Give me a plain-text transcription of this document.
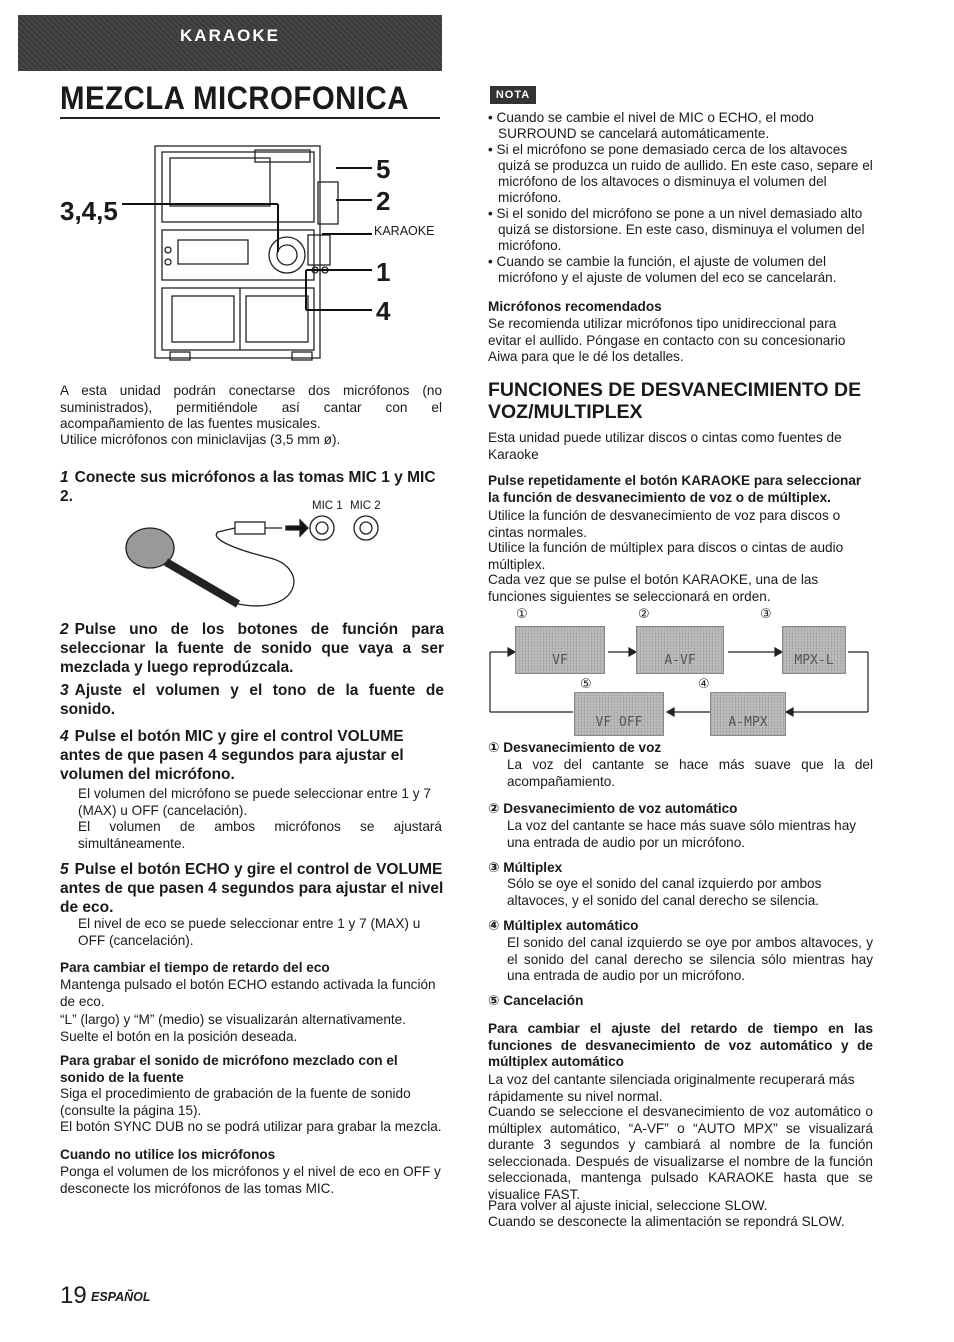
KARAOKE
MEZCLA MICROFONICA
3,4,5
5
2
KARAOKE
1
4
A esta unidad podrán conectarse dos micrófonos (no suministrados), permitiéndole así cantar con el acompañamiento de las fuentes musicales.
Utilice micrófonos con miniclavijas (3,5 mm ø).
1 Conecte sus micrófonos a las tomas MIC 1 y MIC 2.
MIC 1 MIC 2
2 Pulse uno de los botones de función para seleccionar la fuente de sonido que vaya a ser mezclada y luego reprodúzcala.
3 Ajuste el volumen y el tono de la fuente de sonido.
4 Pulse el botón MIC y gire el control VOLUME antes de que pasen 4 segundos para ajustar el volumen del micrófono.
El volumen del micrófono se puede seleccionar entre 1 y 7 (MAX) u OFF (cancelación).
El volumen de ambos micrófonos se ajustará simultáneamente.
5 Pulse el botón ECHO y gire el control de VOLUME antes de que pasen 4 segundos para ajustar el nivel de eco.
El nivel de eco se puede seleccionar entre 1 y 7 (MAX) u OFF (cancelación).
Para cambiar el tiempo de retardo del eco
Mantenga pulsado el botón ECHO estando activada la función de eco.
“L” (largo) y “M” (medio) se visualizarán alternativamente. Suelte el botón en la posición deseada.
Para grabar el sonido de micrófono mezclado con el sonido de la fuente
Siga el procedimiento de grabación de la fuente de sonido (consulte la página 15).
El botón SYNC DUB no se podrá utilizar para grabar la mezcla.
Cuando no utilice los micrófonos
Ponga el volumen de los micrófonos y el nivel de eco en OFF y desconecte los micrófonos de las tomas MIC.
NOTA
• Cuando se cambie el nivel de MIC o ECHO, el modo SURROUND se cancelará automáticamente.
• Si el micrófono se pone demasiado cerca de los altavoces quizá se produzca un ruido de aullido. En este caso, separe el micrófono de los altavoces o disminuya el volumen del micrófono.
• Si el sonido del micrófono se pone a un nivel demasiado alto quizá se distorsione. En este caso, disminuya el volumen del micrófono.
• Cuando se cambie la función, el ajuste de volumen del micrófono y el ajuste de volumen del eco se cancelarán.
Micrófonos recomendados
Se recomienda utilizar micrófonos tipo unidireccional para evitar el aullido. Póngase en contacto con su concesionario Aiwa para que le dé los detalles.
FUNCIONES DE DESVANECIMIENTO DE VOZ/MULTIPLEX
Esta unidad puede utilizar discos o cintas como fuentes de Karaoke
Pulse repetidamente el botón KARAOKE para seleccionar la función de desvanecimiento de voz o de múltiplex.
Utilice la función de desvanecimiento de voz para discos o cintas normales.
Utilice la función de múltiplex para discos o cintas de audio múltiplex.
Cada vez que se pulse el botón KARAOKE, una de las funciones siguientes se seleccionará en orden.
①	②	③
⑤	④
VF	A-VF	MPX-L
VF OFF	A-MPX
① Desvanecimiento de voz
La voz del cantante se hace más suave que la del acompañamiento.
② Desvanecimiento de voz automático
La voz del cantante se hace más suave sólo mientras hay una entrada de audio por un micrófono.
③ Múltiplex
Sólo se oye el sonido del canal izquierdo por ambos altavoces, y el sonido del canal derecho se silencia.
④ Múltiplex automático
El sonido del canal izquierdo se oye por ambos altavoces, y el sonido del canal derecho se silencia sólo mientras hay una entrada de audio por un micrófono.
⑤ Cancelación
Para cambiar el ajuste del retardo de tiempo en las funciones de desvanecimiento de voz automático y de múltiplex automático
La voz del cantante silenciada originalmente recuperará más rápidamente su nivel normal.
Cuando se seleccione el desvanecimiento de voz automático o múltiplex automático, “A-VF” o “AUTO MPX” se visualizará durante 3 segundos y cambiará al nombre de la función seleccionada. Después de visualizarse el nombre de la función seleccionada, mantenga pulsado KARAOKE hasta que se visualice FAST.
Para volver al ajuste inicial, seleccione SLOW.
Cuando se desconecte la alimentación se repondrá SLOW.
19 ESPAÑOL
